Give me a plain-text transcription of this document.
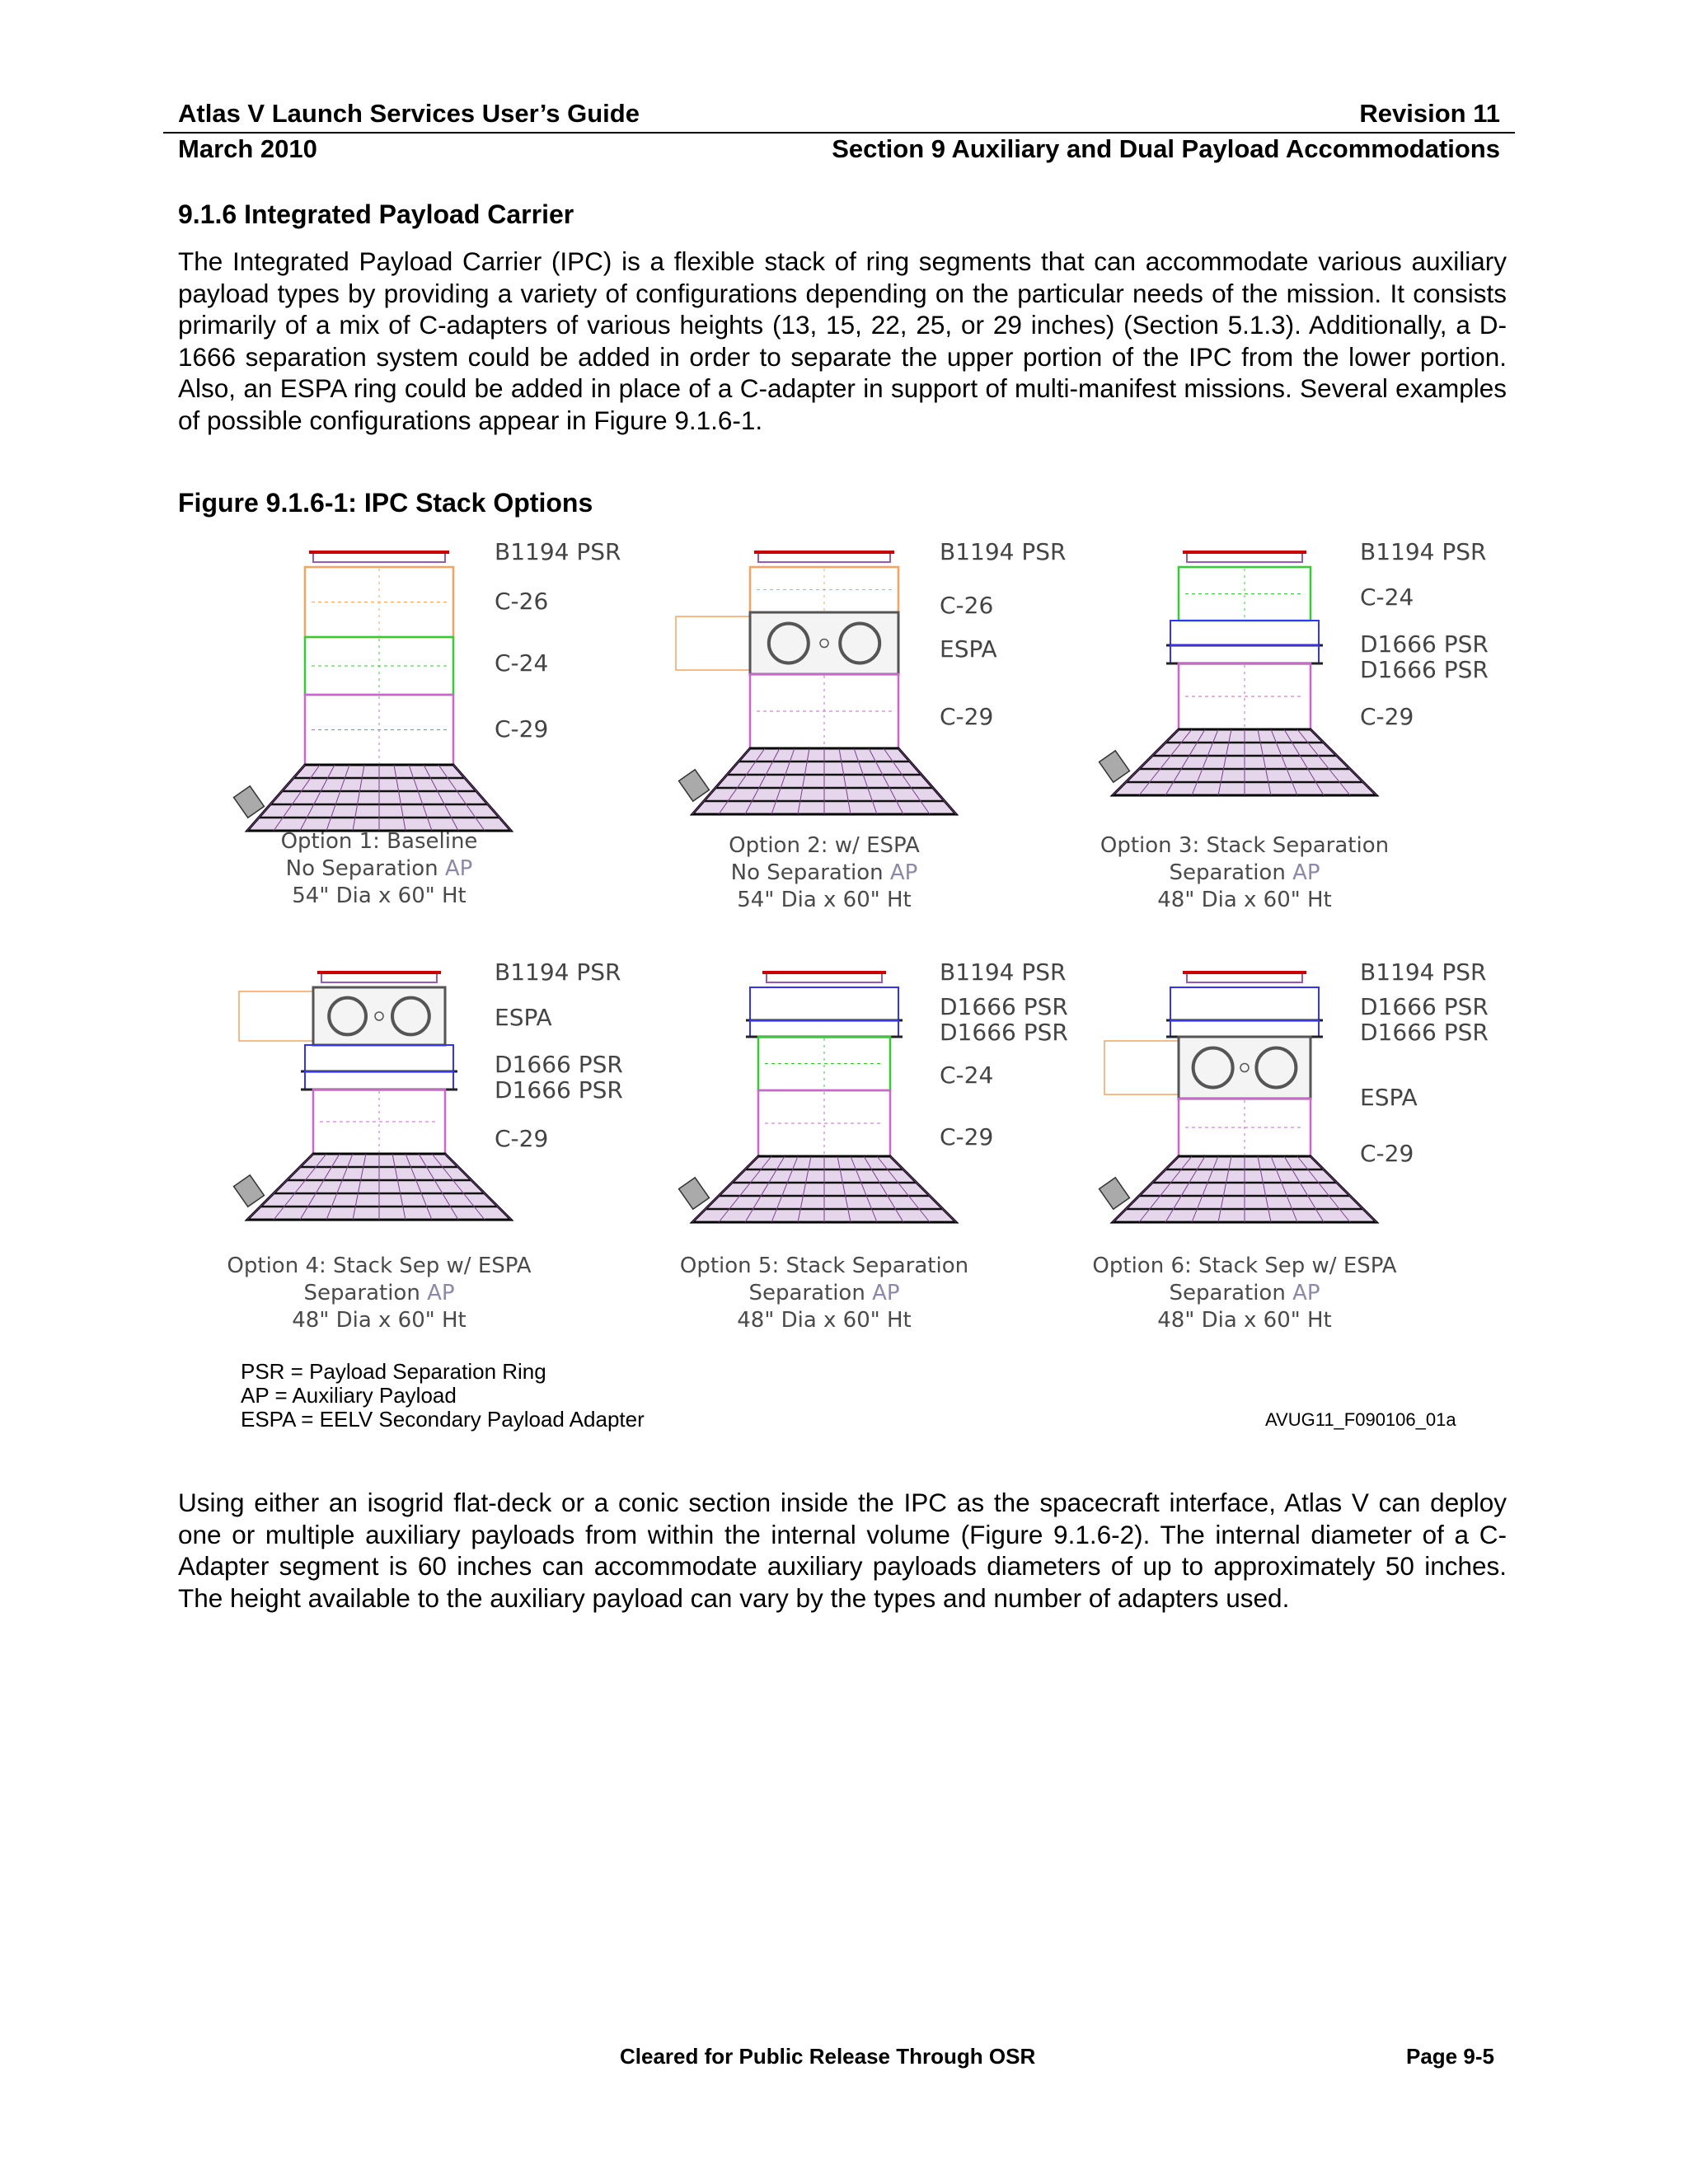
Atlas V Launch Services User’s Guide	Revision 11
March 2010	Section 9 Auxiliary and Dual Payload Accommodations
9.1.6 Integrated Payload Carrier

The Integrated Payload Carrier (IPC) is a flexible stack of ring segments that can accommodate various auxiliary payload types by providing a variety of configurations depending on the particular needs of the mission. It consists primarily of a mix of C-adapters of various heights (13, 15, 22, 25, or 29 inches) (Section 5.1.3). Additionally, a D-1666 separation system could be added in order to separate the upper portion of the IPC from the lower portion. Also, an ESPA ring could be added in place of a C-adapter in support of multi-manifest missions. Several examples of possible configurations appear in Figure 9.1.6-1.

Figure 9.1.6-1: IPC Stack Options
B1194 PSR
C-26
C-24
C-29
Option 1: Baseline
No Separation AP
54" Dia x 60" Ht
B1194 PSR
C-26
ESPA
C-29
Option 2: w/ ESPA
No Separation AP
54" Dia x 60" Ht
B1194 PSR
C-24
D1666 PSR
D1666 PSR
C-29
Option 3: Stack Separation
Separation AP
48" Dia x 60" Ht
B1194 PSR
ESPA
D1666 PSR
D1666 PSR
C-29
Option 4: Stack Sep w/ ESPA
Separation AP
48" Dia x 60" Ht
B1194 PSR
D1666 PSR
D1666 PSR
C-24
C-29
Option 5: Stack Separation
Separation AP
48" Dia x 60" Ht
B1194 PSR
D1666 PSR
D1666 PSR
ESPA
C-29
Option 6: Stack Sep w/ ESPA
Separation AP
48" Dia x 60" Ht
PSR = Payload Separation Ring
AP = Auxiliary Payload
ESPA = EELV Secondary Payload Adapter	AVUG11_F090106_01a

Using either an isogrid flat-deck or a conic section inside the IPC as the spacecraft interface, Atlas V can deploy one or multiple auxiliary payloads from within the internal volume (Figure 9.1.6-2). The internal diameter of a C-Adapter segment is 60 inches can accommodate auxiliary payloads diameters of up to approximately 50 inches. The height available to the auxiliary payload can vary by the types and number of adapters used.

Cleared for Public Release Through OSR	Page 9-5
